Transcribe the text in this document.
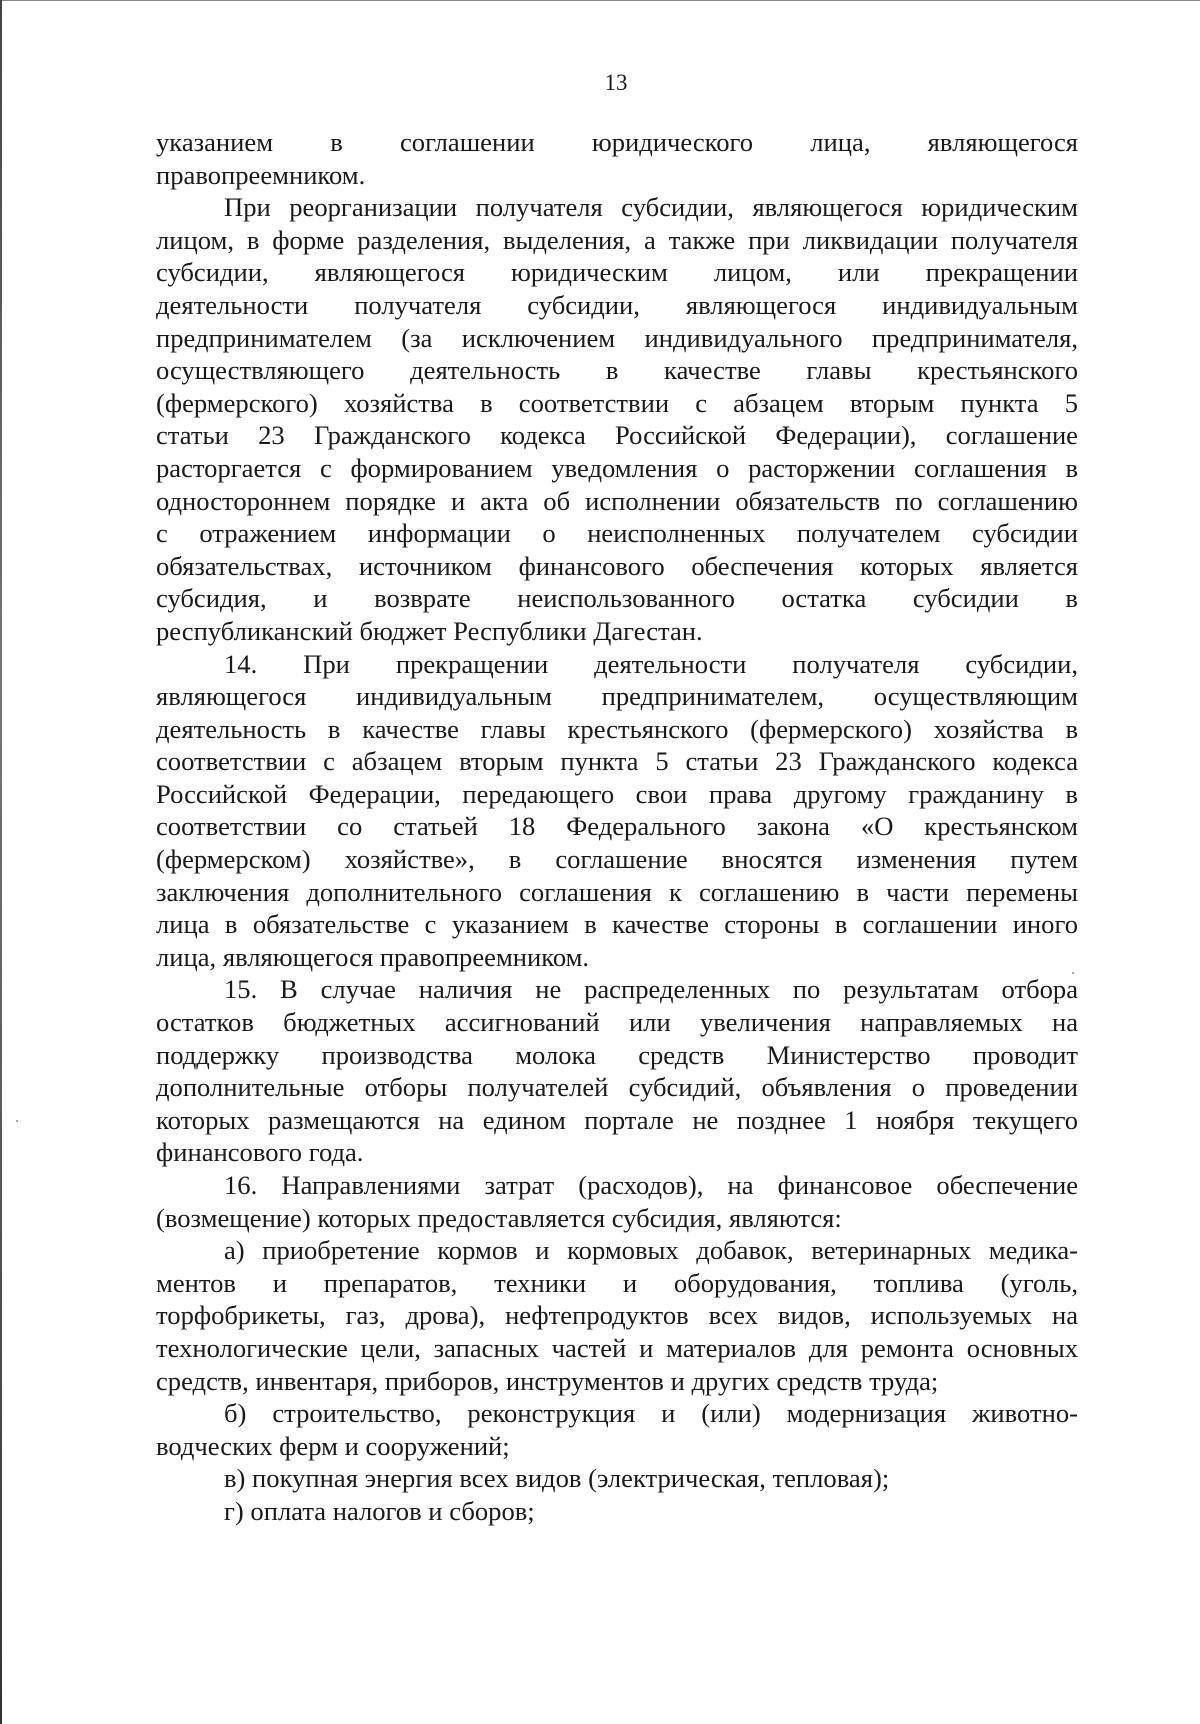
13
указанием в соглашении юридического лица, являющегося
правопреемником.
При реорганизации получателя субсидии, являющегося юридическим
лицом, в форме разделения, выделения, а также при ликвидации получателя
субсидии, являющегося юридическим лицом, или прекращении
деятельности получателя субсидии, являющегося индивидуальным
предпринимателем (за исключением индивидуального предпринимателя,
осуществляющего деятельность в качестве главы крестьянского
(фермерского) хозяйства в соответствии с абзацем вторым пункта 5
статьи 23 Гражданского кодекса Российской Федерации), соглашение
расторгается с формированием уведомления о расторжении соглашения в
одностороннем порядке и акта об исполнении обязательств по соглашению
с отражением информации о неисполненных получателем субсидии
обязательствах, источником финансового обеспечения которых является
субсидия, и возврате неиспользованного остатка субсидии в
республиканский бюджет Республики Дагестан.
14. При прекращении деятельности получателя субсидии,
являющегося индивидуальным предпринимателем, осуществляющим
деятельность в качестве главы крестьянского (фермерского) хозяйства в
соответствии с абзацем вторым пункта 5 статьи 23 Гражданского кодекса
Российской Федерации, передающего свои права другому гражданину в
соответствии со статьей 18 Федерального закона «О крестьянском
(фермерском) хозяйстве», в соглашение вносятся изменения путем
заключения дополнительного соглашения к соглашению в части перемены
лица в обязательстве с указанием в качестве стороны в соглашении иного
лица, являющегося правопреемником.
15. В случае наличия не распределенных по результатам отбора
остатков бюджетных ассигнований или увеличения направляемых на
поддержку производства молока средств Министерство проводит
дополнительные отборы получателей субсидий, объявления о проведении
которых размещаются на едином портале не позднее 1 ноября текущего
финансового года.
16. Направлениями затрат (расходов), на финансовое обеспечение
(возмещение) которых предоставляется субсидия, являются:
а) приобретение кормов и кормовых добавок, ветеринарных медика-
ментов и препаратов, техники и оборудования, топлива (уголь,
торфобрикеты, газ, дрова), нефтепродуктов всех видов, используемых на
технологические цели, запасных частей и материалов для ремонта основных
средств, инвентаря, приборов, инструментов и других средств труда;
б) строительство, реконструкция и (или) модернизация животно-
водческих ферм и сооружений;
в) покупная энергия всех видов (электрическая, тепловая);
г) оплата налогов и сборов;
